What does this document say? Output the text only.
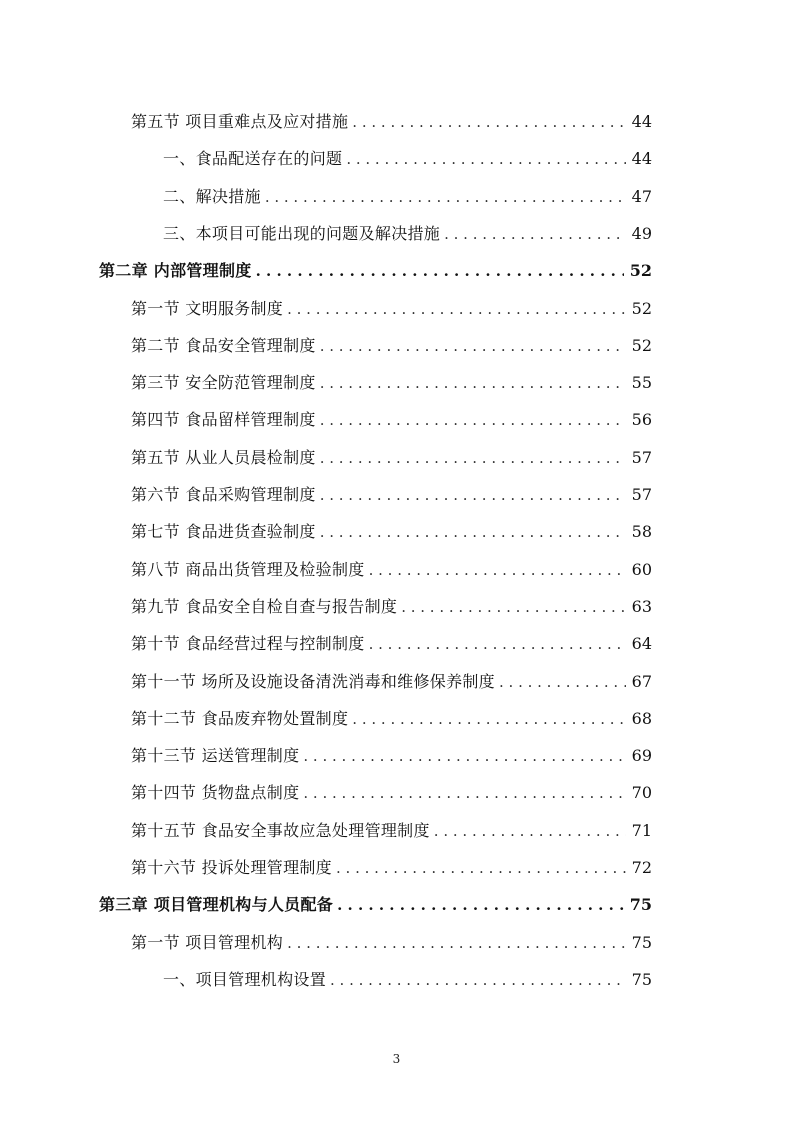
第五节 项目重难点及应对措施 . . .	44
一、食品配送存在的问题 . . .	44
二、解决措施 . . .	47
三、本项目可能出现的问题及解决措施 . . .	49
第二章 内部管理制度 . . .	52
第一节 文明服务制度 . . .	52
第二节 食品安全管理制度 . . .	52
第三节 安全防范管理制度 . . .	55
第四节 食品留样管理制度 . . .	56
第五节 从业人员晨检制度 . . .	57
第六节 食品采购管理制度 . . .	57
第七节 食品进货查验制度 . . .	58
第八节 商品出货管理及检验制度 . . .	60
第九节 食品安全自检自查与报告制度 . . .	63
第十节 食品经营过程与控制制度 . . .	64
第十一节 场所及设施设备清洗消毒和维修保养制度 . . .	67
第十二节 食品废弃物处置制度 . . .	68
第十三节 运送管理制度 . . .	69
第十四节 货物盘点制度 . . .	70
第十五节 食品安全事故应急处理管理制度 . . .	71
第十六节 投诉处理管理制度 . . .	72
第三章 项目管理机构与人员配备 . . .	75
第一节 项目管理机构 . . .	75
一、项目管理机构设置 . . .	75
3
